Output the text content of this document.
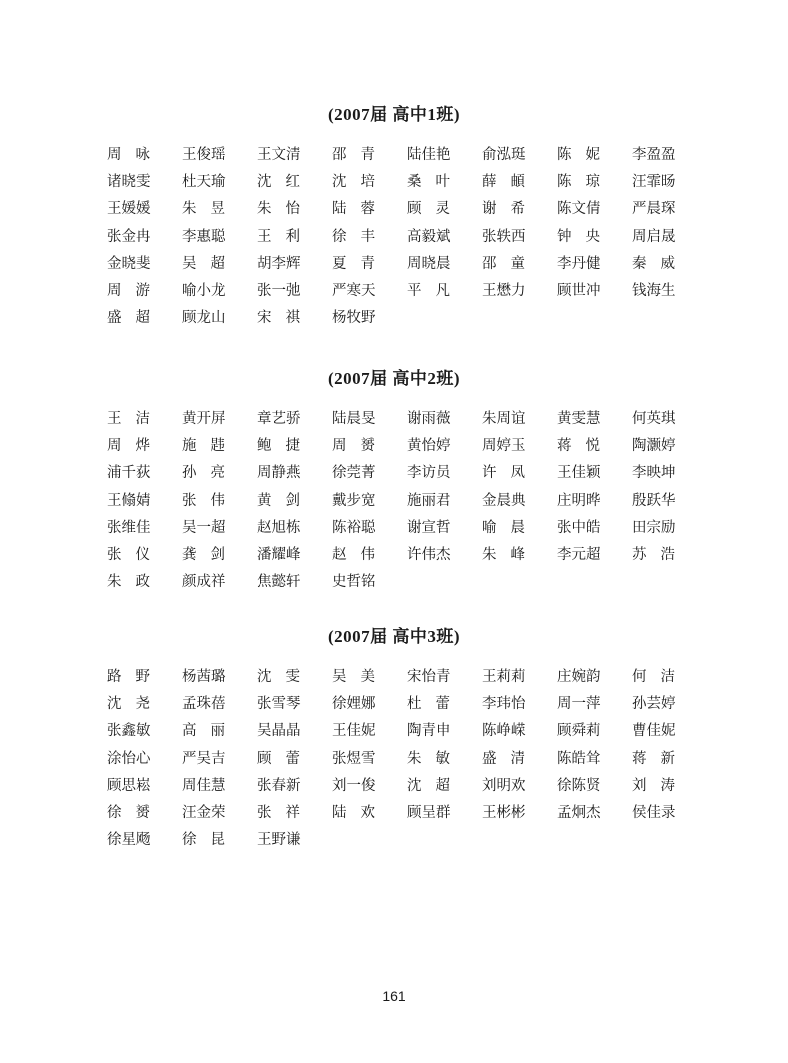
(2007届 高中1班)
周咏	王俊瑶	王文清	邵青	陆佳艳	俞泓珽	陈妮	李盈盈
诸晓雯	杜天瑜	沈红	沈培	桑叶	薛頔	陈琼	汪霏旸
王媛媛	朱昱	朱怡	陆蓉	顾灵	谢希	陈文倩	严晨琛
张金冉	李惠聪	王利	徐丰	高毅斌	张轶西	钟央	周启晟
金晓斐	吴超	胡李辉	夏青	周晓晨	邵童	李丹健	秦威
周游	喻小龙	张一弛	严寒天	平凡	王懋力	顾世冲	钱海生
盛超	顾龙山	宋祺	杨牧野
(2007届 高中2班)
王洁	黄开屏	章艺骄	陆晨旻	谢雨薇	朱周谊	黄雯慧	何英琪
周烨	施韪	鲍捷	周赟	黄怡婷	周婷玉	蒋悦	陶灏婷
浦千荻	孙亮	周静燕	徐莞菁	李访员	许凤	王佳颖	李映坤
王翛婧	张伟	黄剑	戴步宽	施丽君	金晨典	庄明晔	殷跃华
张维佳	吴一超	赵旭栋	陈裕聪	谢宣哲	喻晨	张中皓	田宗励
张仪	龚剑	潘耀峰	赵伟	许伟杰	朱峰	李元超	苏浩
朱政	颜成祥	焦懿轩	史哲铭
(2007届 高中3班)
路野	杨茜璐	沈雯	吴美	宋怡青	王莉莉	庄婉韵	何洁
沈尧	孟珠蓓	张雪琴	徐娌娜	杜蕾	李玮怡	周一萍	孙芸婷
张鑫敏	高丽	吴晶晶	王佳妮	陶青申	陈峥嵘	顾舜莉	曹佳妮
涂怡心	严吴吉	顾蕾	张煜雪	朱敏	盛清	陈皓耸	蒋新
顾思崧	周佳慧	张春新	刘一俊	沈超	刘明欢	徐陈贤	刘涛
徐赟	汪金荣	张祥	陆欢	顾呈群	王彬彬	孟炯杰	侯佳录
徐星飏	徐昆	王野谦
161
